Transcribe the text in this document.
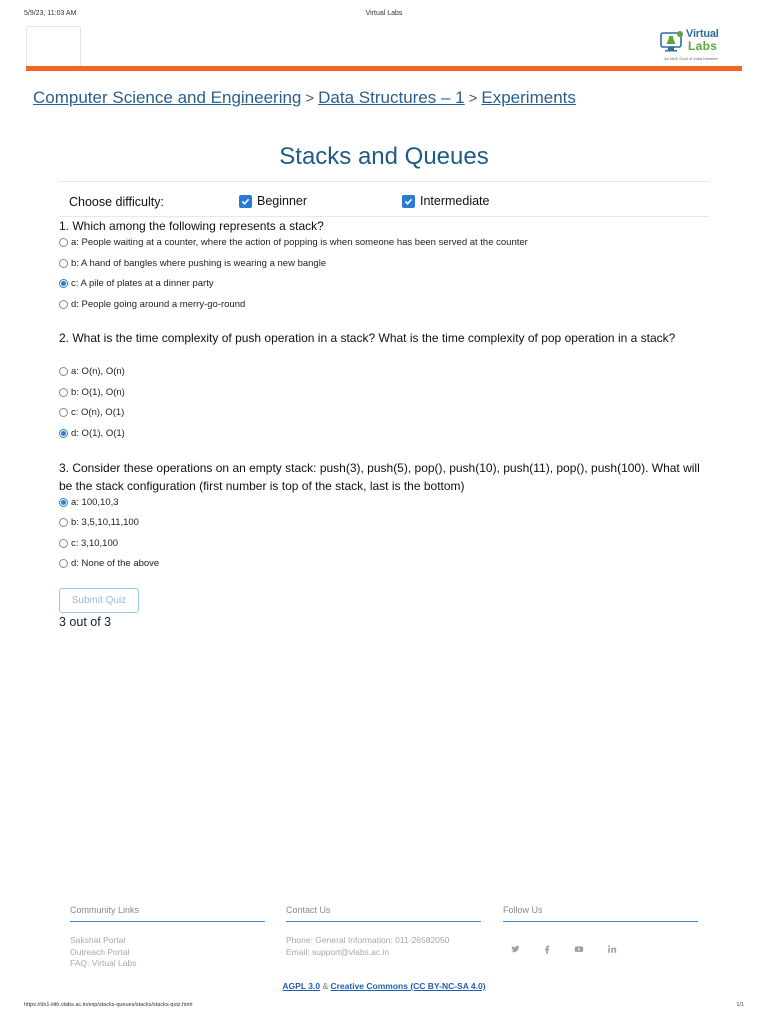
5/9/23, 11:03 AM	Virtual Labs
Virtual
Labs
An MoE Govt of India Initiative
Computer Science and Engineering > Data Structures – 1 > Experiments
Stacks and Queues
Choose difficulty:	Beginner	Intermediate
1. Which among the following represents a stack?
a: People waiting at a counter, where the action of popping is when someone has been served at the counter
b: A hand of bangles where pushing is wearing a new bangle
c: A pile of plates at a dinner party
d: People going around a merry-go-round
2. What is the time complexity of push operation in a stack? What is the time complexity of pop operation in a stack?
a: O(n), O(n)
b: O(1), O(n)
c: O(n), O(1)
d: O(1), O(1)
3. Consider these operations on an empty stack: push(3), push(5), pop(), push(10), push(11), pop(), push(100). What will be the stack configuration (first number is top of the stack, last is the bottom)
a: 100,10,3
b: 3,5,10,11,100
c: 3,10,100
d: None of the above
Submit Quiz
3 out of 3
Community Links
Sakshat Portal
Outreach Portal
FAQ: Virtual Labs
Contact Us
Phone: General Information: 011-26582050
Email: support@vlabs.ac.in
Follow Us
AGPL 3.0 & Creative Commons (CC BY-NC-SA 4.0)
https://ds1-iiith.vlabs.ac.in/exp/stacks-queues/stacks/stacks-quiz.html	1/1
